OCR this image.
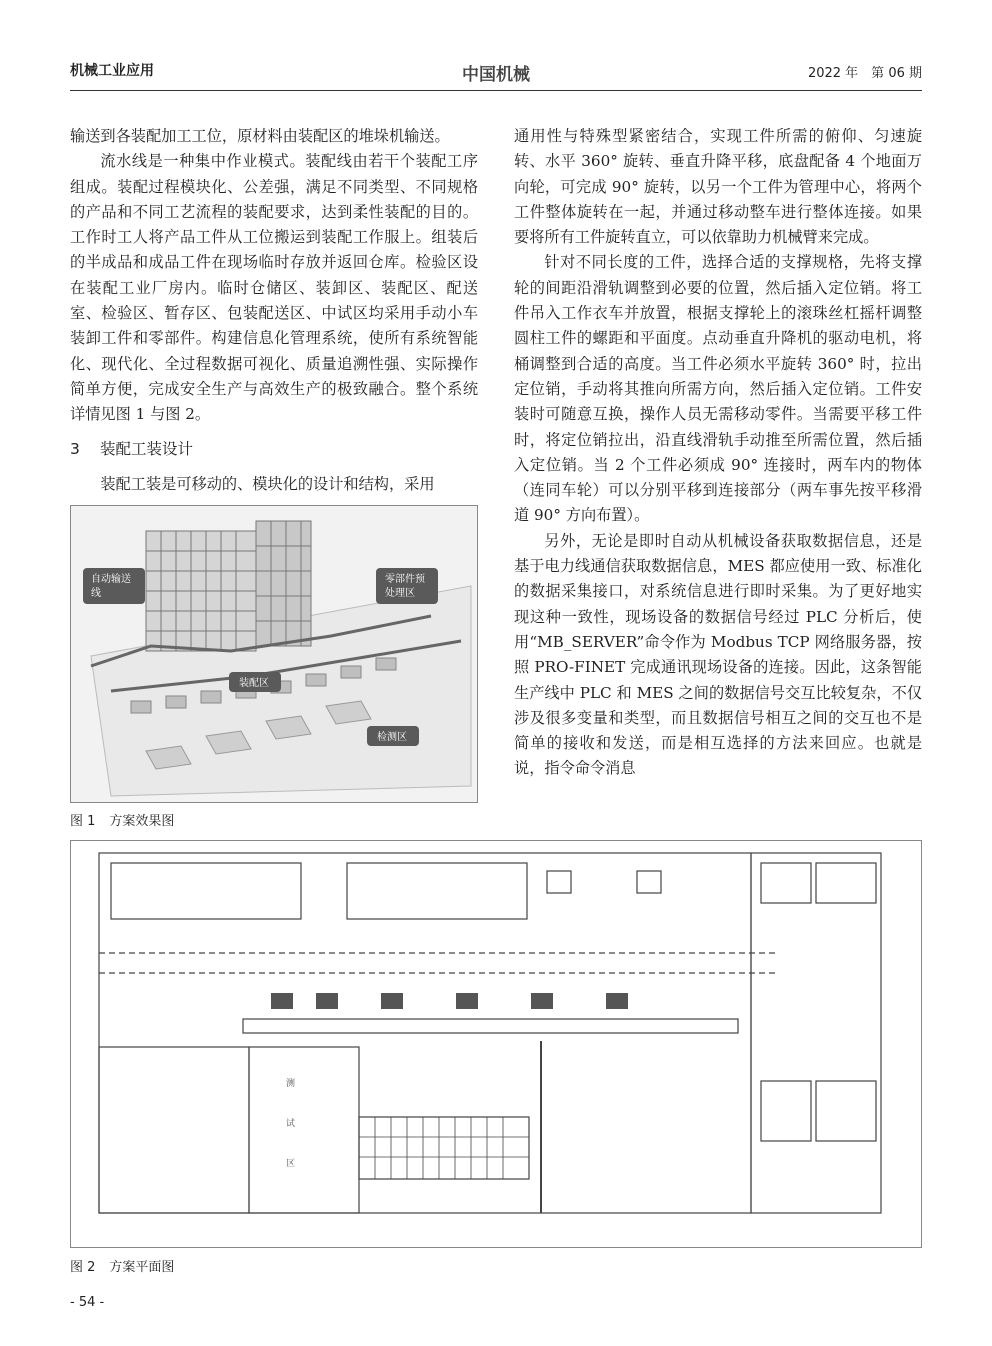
机械工业应用	中国机械	2022 年　第 06 期

输送到各装配加工工位，原材料由装配区的堆垛机输送。

流水线是一种集中作业模式。装配线由若干个装配工序组成。装配过程模块化、公差强，满足不同类型、不同规格的产品和不同工艺流程的装配要求，达到柔性装配的目的。工作时工人将产品工件从工位搬运到装配工作服上。组装后的半成品和成品工件在现场临时存放并返回仓库。检验区设在装配工业厂房内。临时仓储区、装卸区、装配区、配送室、检验区、暂存区、包装配送区、中试区均采用手动小车装卸工件和零部件。构建信息化管理系统，使所有系统智能化、现代化、全过程数据可视化、质量追溯性强、实际操作简单方便，完成安全生产与高效生产的极致融合。整个系统详情见图 1 与图 2。

3 装配工装设计
装配工装是可移动的、模块化的设计和结构，采用
自动输送
线
零部件预
处理区
装配区
检测区
图 1 方案效果图

通用性与特殊型紧密结合，实现工件所需的俯仰、匀速旋转、水平 360° 旋转、垂直升降平移，底盘配备 4 个地面万向轮，可完成 90° 旋转，以另一个工件为管理中心，将两个工件整体旋转在一起，并通过移动整车进行整体连接。如果要将所有工件旋转直立，可以依靠助力机械臂来完成。

针对不同长度的工件，选择合适的支撑规格，先将支撑轮的间距沿滑轨调整到必要的位置，然后插入定位销。将工件吊入工作衣车并放置，根据支撑轮上的滚珠丝杠摇杆调整圆柱工件的螺距和平面度。点动垂直升降机的驱动电机，将桶调整到合适的高度。当工件必须水平旋转 360° 时，拉出定位销，手动将其推向所需方向，然后插入定位销。工件安装时可随意互换，操作人员无需移动零件。当需要平移工件时，将定位销拉出，沿直线滑轨手动推至所需位置，然后插入定位销。当 2 个工件必须成 90° 连接时，两车内的物体（连同车轮）可以分别平移到连接部分（两车事先按平移滑道 90° 方向布置）。

另外，无论是即时自动从机械设备获取数据信息，还是基于电力线通信获取数据信息，MES 都应使用一致、标准化的数据采集接口，对系统信息进行即时采集。为了更好地实现这种一致性，现场设备的数据信号经过 PLC 分析后，使用“MB_SERVER”命令作为 Modbus TCP 网络服务器，按照 PRO-FINET 完成通讯现场设备的连接。因此，这条智能生产线中 PLC 和 MES 之间的数据信号交互比较复杂，不仅涉及很多变量和类型，而且数据信号相互之间的交互也不是简单的接收和发送，而是相互选择的方法来回应。也就是说，指令命令消息

测
试
区
图 2 方案平面图
- 54 -
